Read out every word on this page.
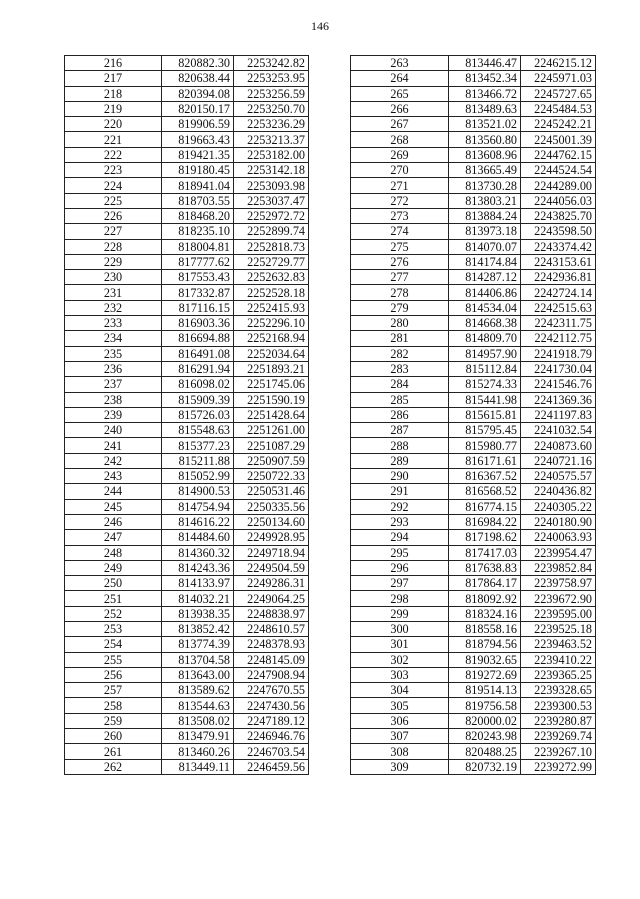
146
216	820882.30	2253242.82
217	820638.44	2253253.95
218	820394.08	2253256.59
219	820150.17	2253250.70
220	819906.59	2253236.29
221	819663.43	2253213.37
222	819421.35	2253182.00
223	819180.45	2253142.18
224	818941.04	2253093.98
225	818703.55	2253037.47
226	818468.20	2252972.72
227	818235.10	2252899.74
228	818004.81	2252818.73
229	817777.62	2252729.77
230	817553.43	2252632.83
231	817332.87	2252528.18
232	817116.15	2252415.93
233	816903.36	2252296.10
234	816694.88	2252168.94
235	816491.08	2252034.64
236	816291.94	2251893.21
237	816098.02	2251745.06
238	815909.39	2251590.19
239	815726.03	2251428.64
240	815548.63	2251261.00
241	815377.23	2251087.29
242	815211.88	2250907.59
243	815052.99	2250722.33
244	814900.53	2250531.46
245	814754.94	2250335.56
246	814616.22	2250134.60
247	814484.60	2249928.95
248	814360.32	2249718.94
249	814243.36	2249504.59
250	814133.97	2249286.31
251	814032.21	2249064.25
252	813938.35	2248838.97
253	813852.42	2248610.57
254	813774.39	2248378.93
255	813704.58	2248145.09
256	813643.00	2247908.94
257	813589.62	2247670.55
258	813544.63	2247430.56
259	813508.02	2247189.12
260	813479.91	2246946.76
261	813460.26	2246703.54
262	813449.11	2246459.56
263	813446.47	2246215.12
264	813452.34	2245971.03
265	813466.72	2245727.65
266	813489.63	2245484.53
267	813521.02	2245242.21
268	813560.80	2245001.39
269	813608.96	2244762.15
270	813665.49	2244524.54
271	813730.28	2244289.00
272	813803.21	2244056.03
273	813884.24	2243825.70
274	813973.18	2243598.50
275	814070.07	2243374.42
276	814174.84	2243153.61
277	814287.12	2242936.81
278	814406.86	2242724.14
279	814534.04	2242515.63
280	814668.38	2242311.75
281	814809.70	2242112.75
282	814957.90	2241918.79
283	815112.84	2241730.04
284	815274.33	2241546.76
285	815441.98	2241369.36
286	815615.81	2241197.83
287	815795.45	2241032.54
288	815980.77	2240873.60
289	816171.61	2240721.16
290	816367.52	2240575.57
291	816568.52	2240436.82
292	816774.15	2240305.22
293	816984.22	2240180.90
294	817198.62	2240063.93
295	817417.03	2239954.47
296	817638.83	2239852.84
297	817864.17	2239758.97
298	818092.92	2239672.90
299	818324.16	2239595.00
300	818558.16	2239525.18
301	818794.56	2239463.52
302	819032.65	2239410.22
303	819272.69	2239365.25
304	819514.13	2239328.65
305	819756.58	2239300.53
306	820000.02	2239280.87
307	820243.98	2239269.74
308	820488.25	2239267.10
309	820732.19	2239272.99
